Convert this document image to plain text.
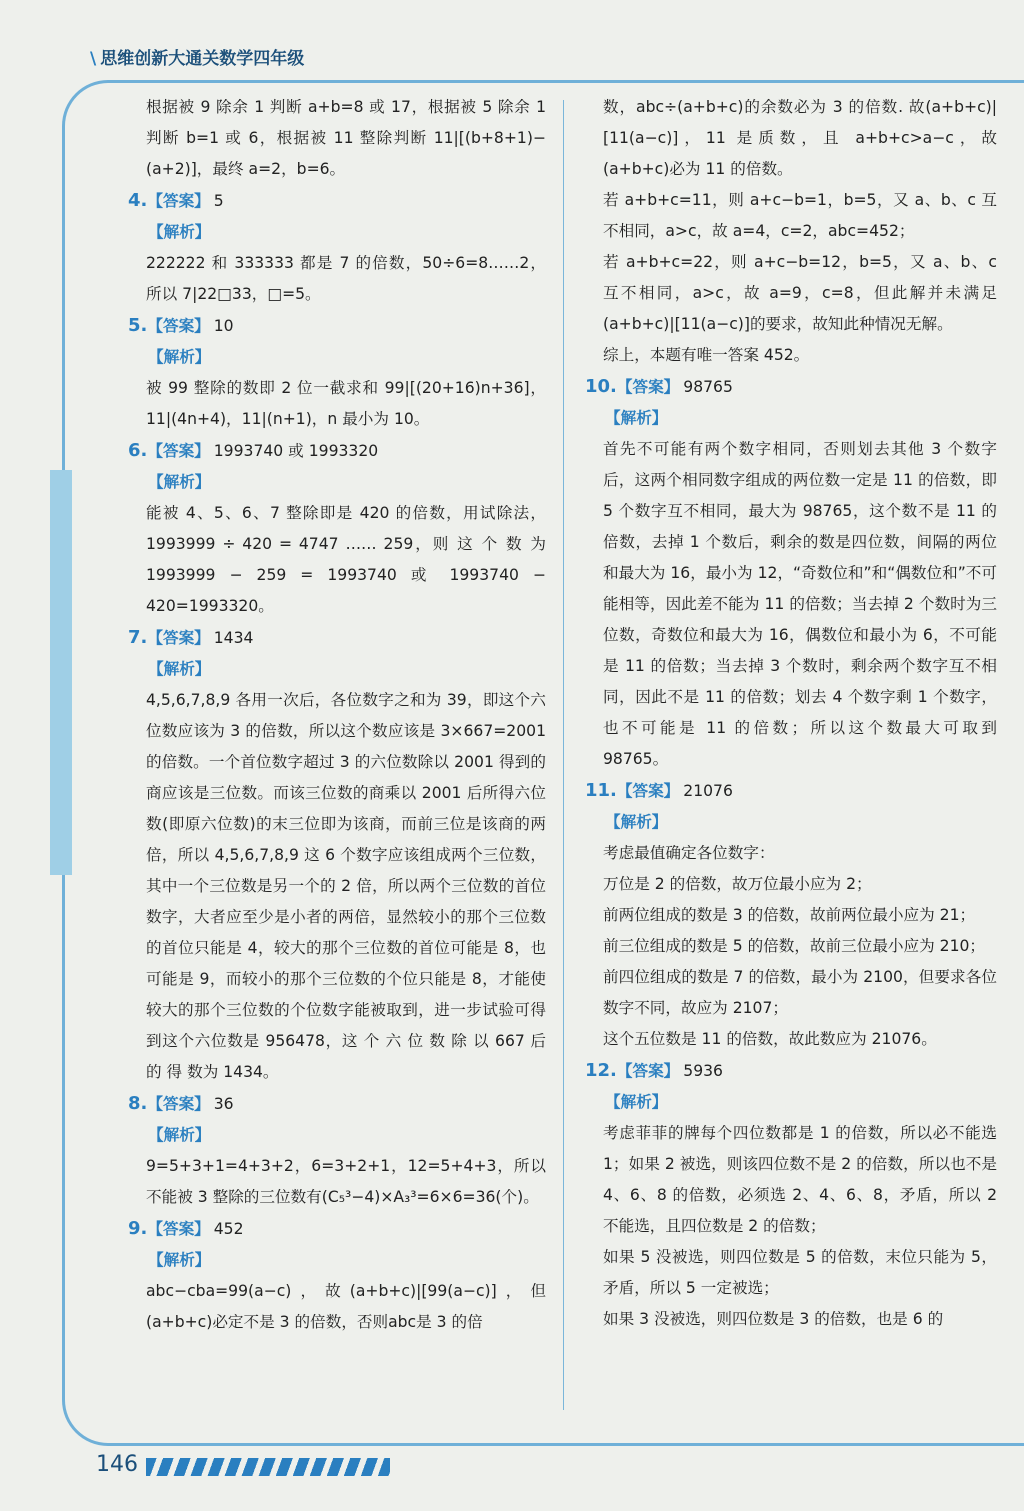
\ 思维创新大通关数学四年级

根据被 9 除余 1 判断 a+b=8 或 17，根据被 5 除余 1 判断 b=1 或 6，根据被 11 整除判断 11|[(b+8+1)−(a+2)]，最终 a=2，b=6。

4.【答案】 5
【解析】

222222 和 333333 都是 7 的倍数，50÷6=8……2，所以 7|22□33，□=5。

5.【答案】 10
【解析】

被 99 整除的数即 2 位一截求和 99|[(20+16)n+36]，11|(4n+4)，11|(n+1)，n 最小为 10。

6.【答案】 1993740 或 1993320
【解析】

能被 4、5、6、7 整除即是 420 的倍数，用试除法，1993999 ÷ 420 = 4747 …… 259，则 这 个 数 为 1993999 − 259 = 1993740 或 1993740 − 420=1993320。

7.【答案】 1434
【解析】

4,5,6,7,8,9 各用一次后，各位数字之和为 39，即这个六位数应该为 3 的倍数，所以这个数应该是 3×667=2001 的倍数。一个首位数字超过 3 的六位数除以 2001 得到的商应该是三位数。而该三位数的商乘以 2001 后所得六位数(即原六位数)的末三位即为该商，而前三位是该商的两倍，所以 4,5,6,7,8,9 这 6 个数字应该组成两个三位数，其中一个三位数是另一个的 2 倍，所以两个三位数的首位数字，大者应至少是小者的两倍，显然较小的那个三位数的首位只能是 4，较大的那个三位数的首位可能是 8，也可能是 9，而较小的那个三位数的个位只能是 8，才能使较大的那个三位数的个位数字能被取到，进一步试验可得到这个六位数是 956478，这 个 六 位 数 除 以 667 后 的 得 数为 1434。

8.【答案】 36
【解析】

9=5+3+1=4+3+2，6=3+2+1，12=5+4+3，所以不能被 3 整除的三位数有(C₅³−4)×A₃³=6×6=36(个)。

9.【答案】 452
【解析】

abc−cba=99(a−c)，故(a+b+c)|[99(a−c)]，但(a+b+c)必定不是 3 的倍数，否则abc是 3 的倍

数，abc÷(a+b+c)的余数必为 3 的倍数. 故(a+b+c)|[11(a−c)]，11 是质数，且 a+b+c>a−c，故(a+b+c)必为 11 的倍数。

若 a+b+c=11，则 a+c−b=1，b=5，又 a、b、c 互不相同，a>c，故 a=4，c=2，abc=452；

若 a+b+c=22，则 a+c−b=12，b=5，又 a、b、c 互不相同，a>c，故 a=9，c=8，但此解并未满足(a+b+c)|[11(a−c)]的要求，故知此种情况无解。

综上，本题有唯一答案 452。

10.【答案】 98765
【解析】

首先不可能有两个数字相同，否则划去其他 3 个数字后，这两个相同数字组成的两位数一定是 11 的倍数，即 5 个数字互不相同，最大为 98765，这个数不是 11 的倍数，去掉 1 个数后，剩余的数是四位数，间隔的两位和最大为 16，最小为 12，“奇数位和”和“偶数位和”不可能相等，因此差不能为 11 的倍数；当去掉 2 个数时为三位数，奇数位和最大为 16，偶数位和最小为 6，不可能是 11 的倍数；当去掉 3 个数时，剩余两个数字互不相同，因此不是 11 的倍数；划去 4 个数字剩 1 个数字，也不可能是 11 的倍数；所以这个数最大可取到 98765。

11.【答案】 21076
【解析】

考虑最值确定各位数字：

万位是 2 的倍数，故万位最小应为 2；

前两位组成的数是 3 的倍数，故前两位最小应为 21；

前三位组成的数是 5 的倍数，故前三位最小应为 210；

前四位组成的数是 7 的倍数，最小为 2100，但要求各位数字不同，故应为 2107；

这个五位数是 11 的倍数，故此数应为 21076。

12.【答案】 5936
【解析】

考虑菲菲的牌每个四位数都是 1 的倍数，所以必不能选 1；如果 2 被选，则该四位数不是 2 的倍数，所以也不是 4、6、8 的倍数，必须选 2、4、6、8，矛盾，所以 2 不能选，且四位数是 2 的倍数；

如果 5 没被选，则四位数是 5 的倍数，末位只能为 5，矛盾，所以 5 一定被选；

如果 3 没被选，则四位数是 3 的倍数，也是 6 的

146
